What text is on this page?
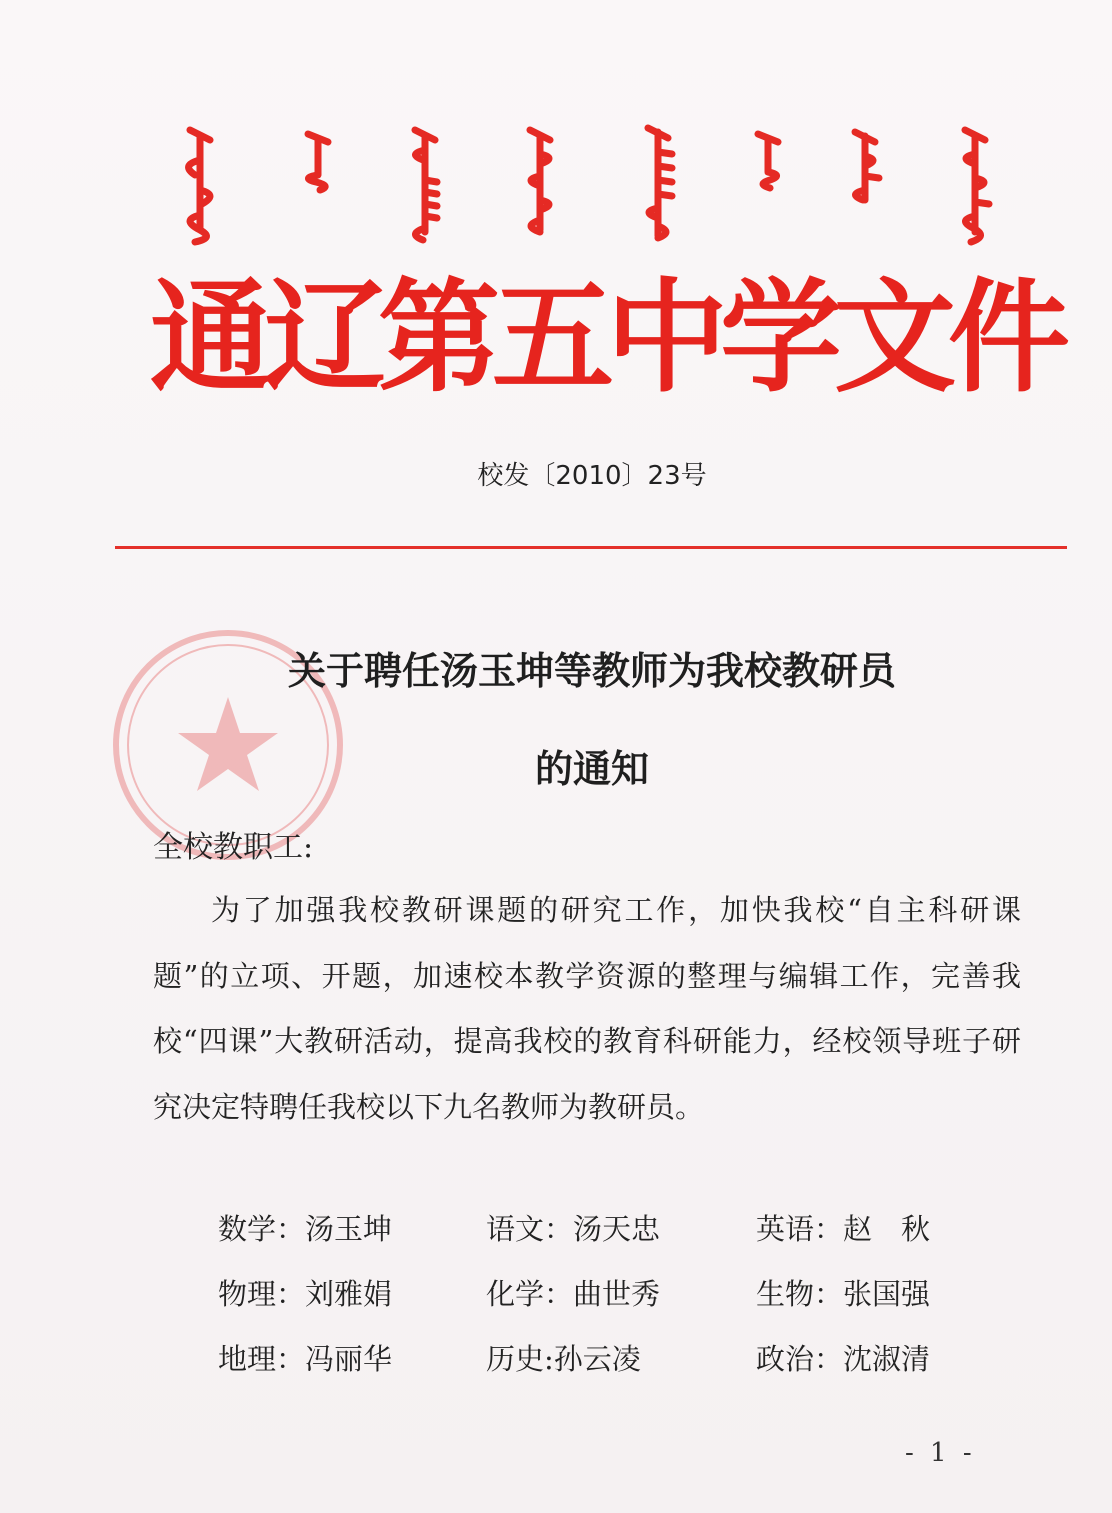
通辽第五中学文件
校发〔2010〕23号
关于聘任汤玉坤等教师为我校教研员
的通知
全校教职工:
为了加强我校教研课题的研究工作，加快我校“自主科研课题”的立项、开题，加速校本教学资源的整理与编辑工作，完善我校“四课”大教研活动，提高我校的教育科研能力，经校领导班子研究决定特聘任我校以下九名教师为教研员。
数学：汤玉坤	语文：汤天忠	英语：赵　秋
物理：刘雅娟	化学：曲世秀	生物：张国强
地理：冯丽华	历史:孙云凌	政治：沈淑清
- 1 -
